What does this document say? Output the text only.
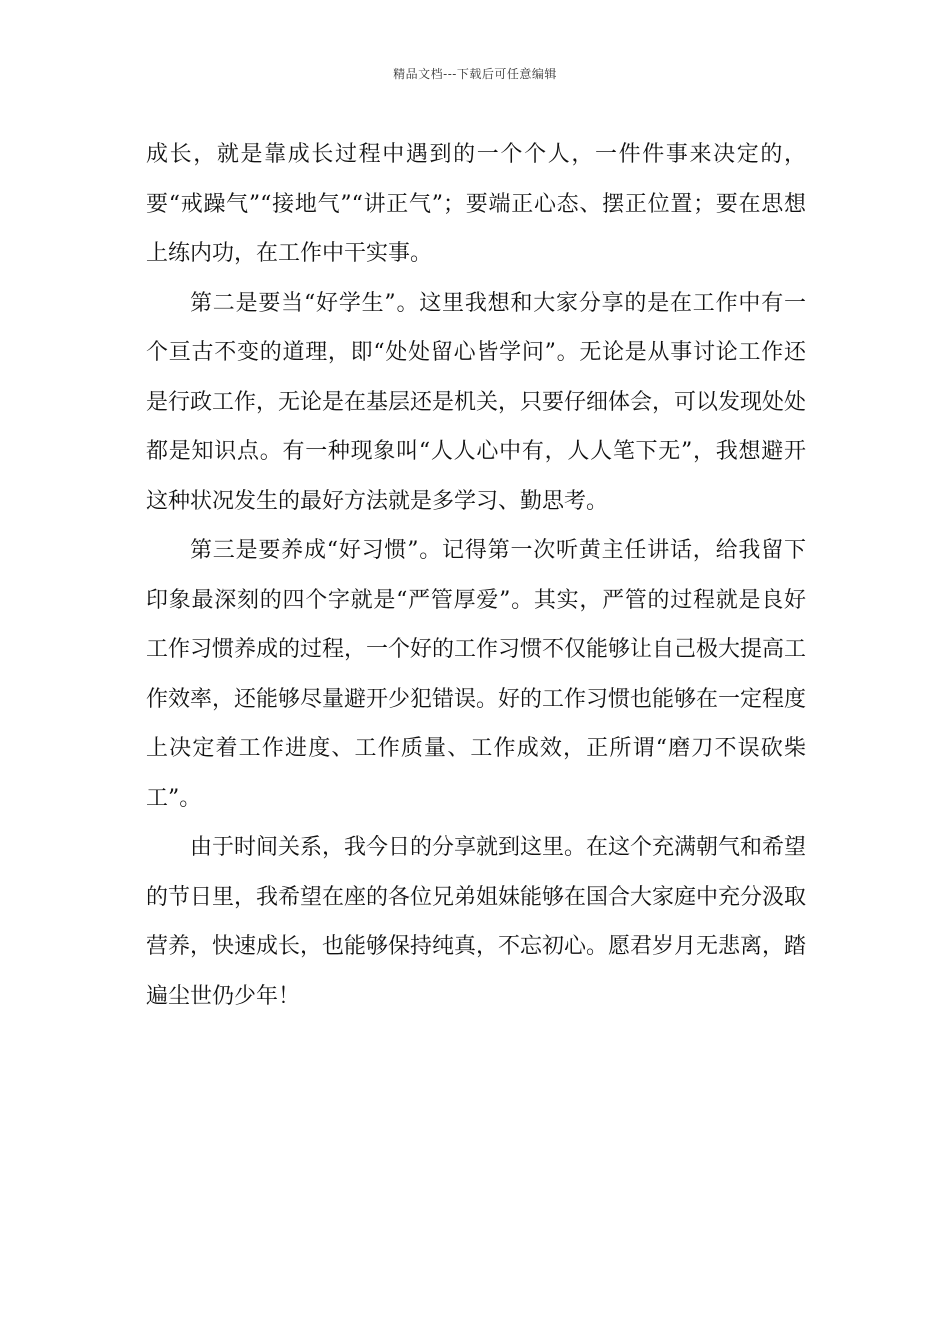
精品文档---下载后可任意编辑

成长，就是靠成长过程中遇到的一个个人，一件件事来决定的，要“戒躁气”“接地气”“讲正气”；要端正心态、摆正位置；要在思想上练内功，在工作中干实事。

第二是要当“好学生”。这里我想和大家分享的是在工作中有一个亘古不变的道理，即“处处留心皆学问”。无论是从事讨论工作还是行政工作，无论是在基层还是机关，只要仔细体会，可以发现处处都是知识点。有一种现象叫“人人心中有，人人笔下无”，我想避开这种状况发生的最好方法就是多学习、勤思考。

第三是要养成“好习惯”。记得第一次听黄主任讲话，给我留下印象最深刻的四个字就是“严管厚爱”。其实，严管的过程就是良好工作习惯养成的过程，一个好的工作习惯不仅能够让自己极大提高工作效率，还能够尽量避开少犯错误。好的工作习惯也能够在一定程度上决定着工作进度、工作质量、工作成效，正所谓“磨刀不误砍柴工”。

由于时间关系，我今日的分享就到这里。在这个充满朝气和希望的节日里，我希望在座的各位兄弟姐妹能够在国合大家庭中充分汲取营养，快速成长，也能够保持纯真，不忘初心。愿君岁月无悲离，踏遍尘世仍少年！
